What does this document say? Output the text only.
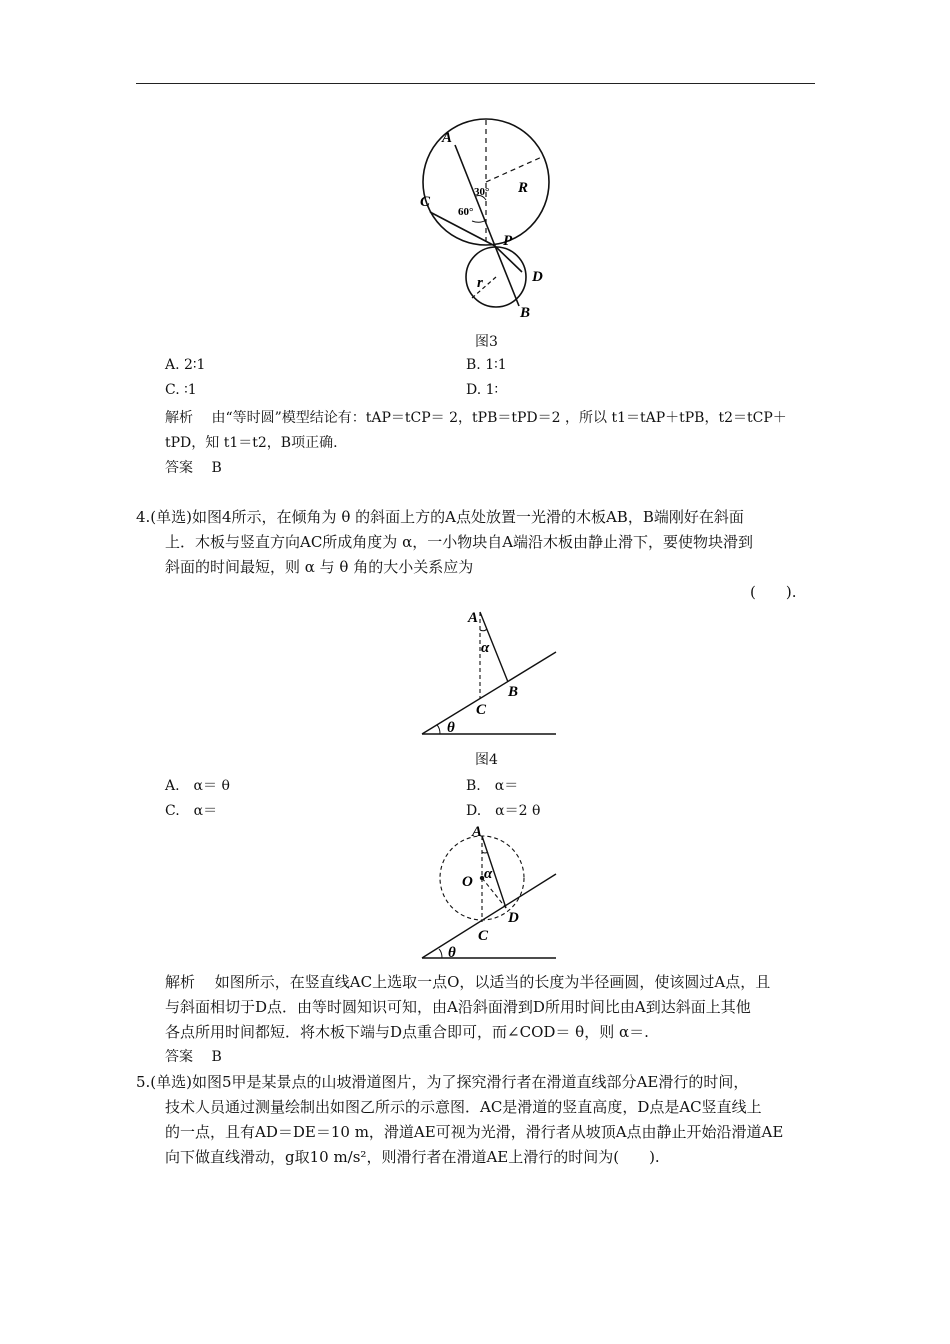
A
C
R
P
D
B
r
30°
60°
图3
A. 2∶1	B. 1∶1
C. ∶1	D. 1∶
解析　 由“等时圆”模型结论有：tAP＝tCP＝ 2，tPB＝tPD＝2 ，所以 t1＝tAP＋tPB，t2＝tCP＋
tPD，知 t1＝t2，B项正确.
答案　 B
4.(单选)如图4所示，在倾角为 θ 的斜面上方的A点处放置一光滑的木板AB，B端刚好在斜面
上．木板与竖直方向AC所成角度为 α，一小物块自A端沿木板由静止滑下，要使物块滑到
斜面的时间最短，则 α 与 θ 角的大小关系应为
(　　).
A
α
B
C
θ
图4
A.　α＝ θ	B.　α＝
C.　α＝	D.　α＝2 θ
A
O α
D
C
θ
解析　 如图所示，在竖直线AC上选取一点O，以适当的长度为半径画圆，使该圆过A点，且
与斜面相切于D点．由等时圆知识可知，由A沿斜面滑到D所用时间比由A到达斜面上其他
各点所用时间都短．将木板下端与D点重合即可，而∠COD＝ θ，则 α＝.
答案　 B
5.(单选)如图5甲是某景点的山坡滑道图片，为了探究滑行者在滑道直线部分AE滑行的时间，
技术人员通过测量绘制出如图乙所示的示意图．AC是滑道的竖直高度，D点是AC竖直线上
的一点，且有AD＝DE＝10 m，滑道AE可视为光滑，滑行者从坡顶A点由静止开始沿滑道AE
向下做直线滑动，g取10 m/s²，则滑行者在滑道AE上滑行的时间为(　　).
